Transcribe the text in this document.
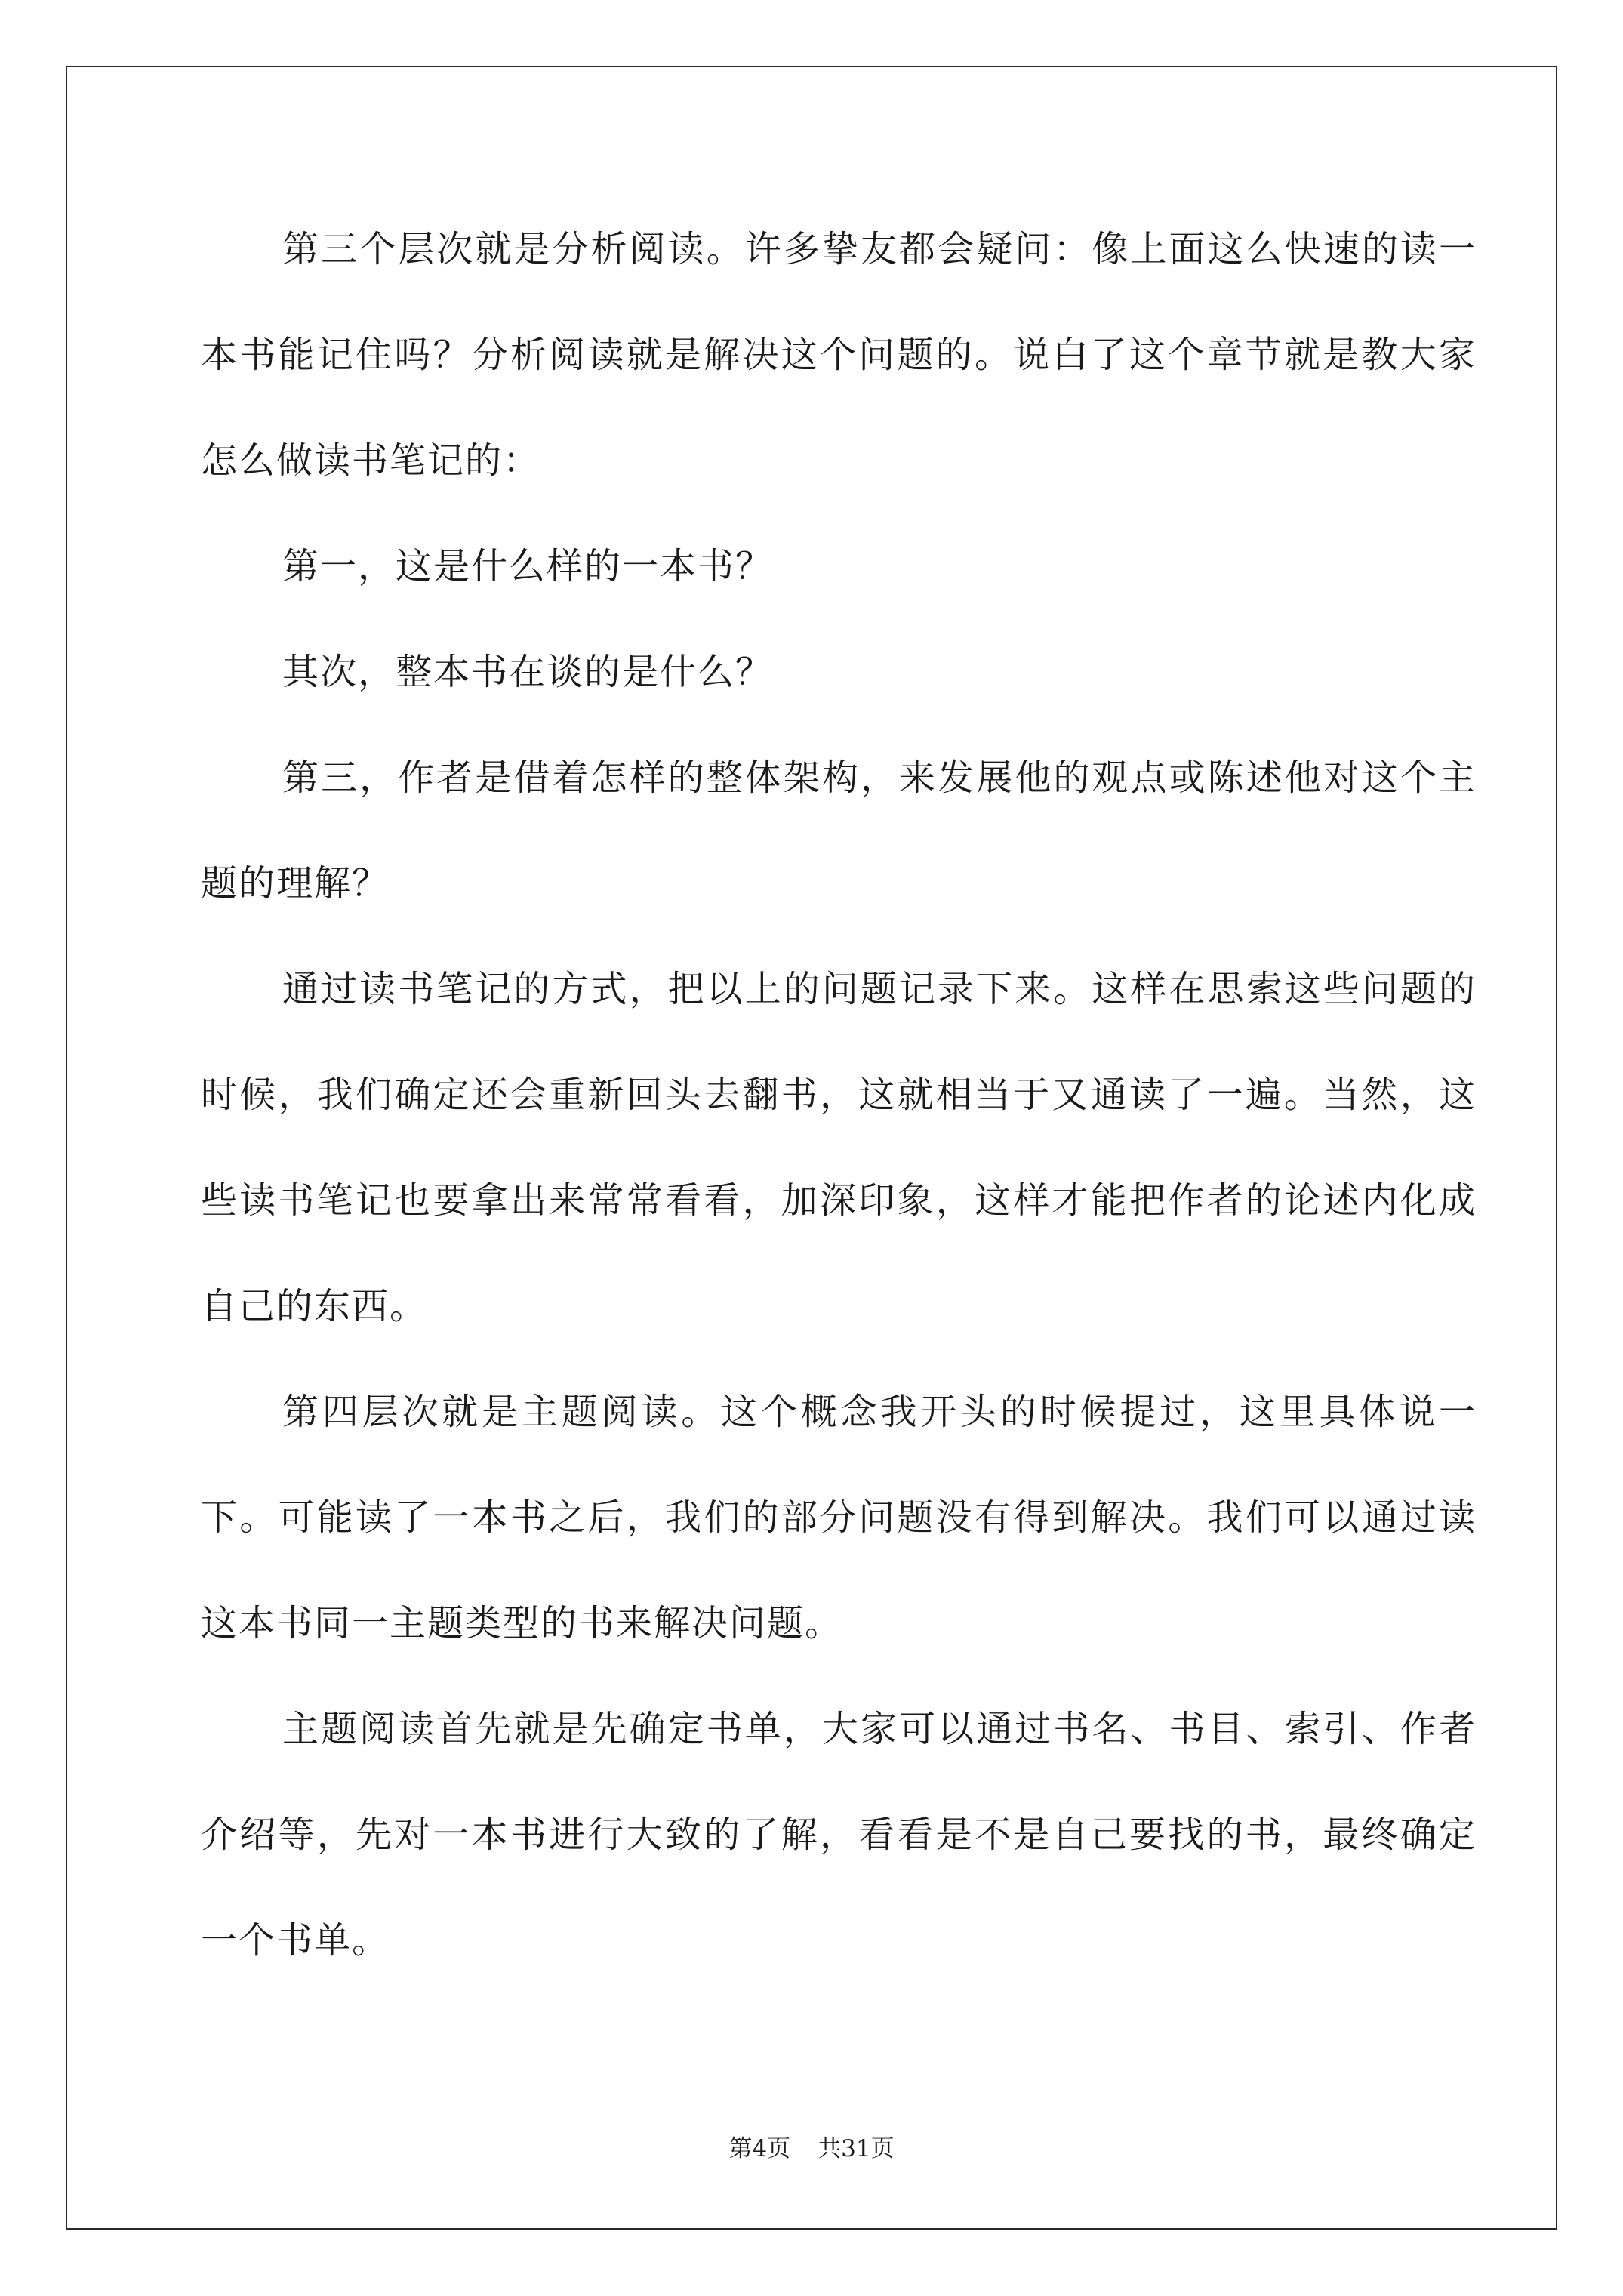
第三个层次就是分析阅读。许多挚友都会疑问：像上面这么快速的读一本书能记住吗？分析阅读就是解决这个问题的。说白了这个章节就是教大家怎么做读书笔记的：

第一，这是什么样的一本书？

其次，整本书在谈的是什么？

第三，作者是借着怎样的整体架构，来发展他的观点或陈述他对这个主题的理解？

通过读书笔记的方式，把以上的问题记录下来。这样在思索这些问题的时候，我们确定还会重新回头去翻书，这就相当于又通读了一遍。当然，这些读书笔记也要拿出来常常看看，加深印象，这样才能把作者的论述内化成自己的东西。

第四层次就是主题阅读。这个概念我开头的时候提过，这里具体说一下。可能读了一本书之后，我们的部分问题没有得到解决。我们可以通过读这本书同一主题类型的书来解决问题。

主题阅读首先就是先确定书单，大家可以通过书名、书目、索引、作者介绍等，先对一本书进行大致的了解，看看是不是自己要找的书，最终确定一个书单。

第4页 共31页
